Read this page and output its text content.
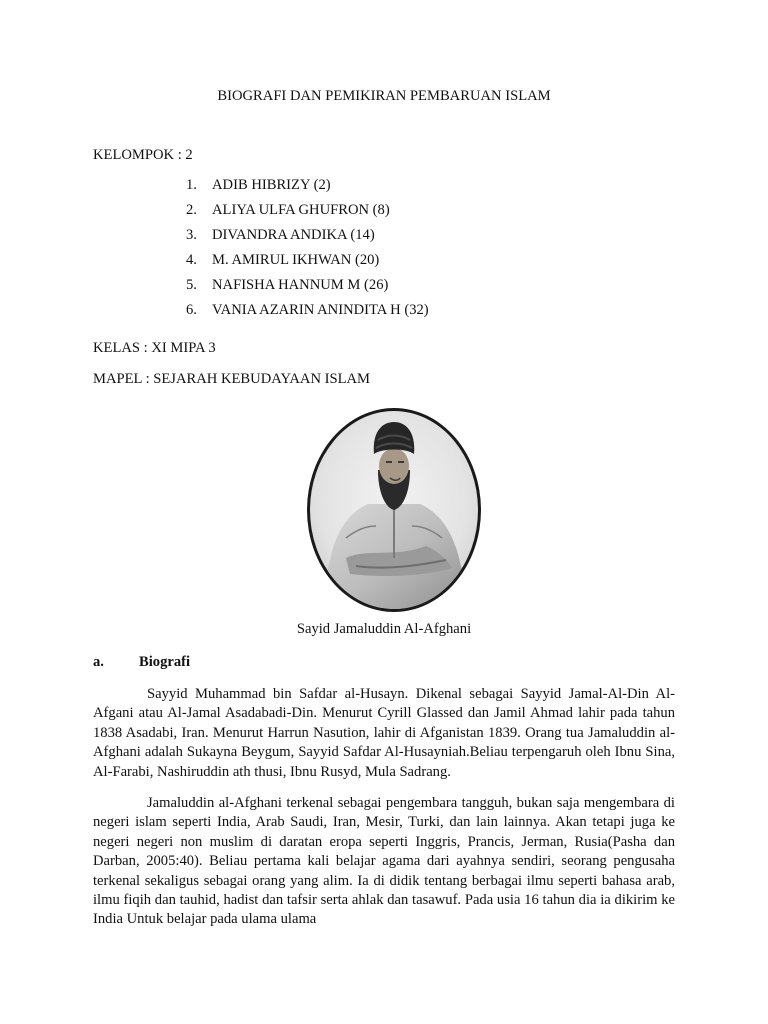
BIOGRAFI DAN PEMIKIRAN PEMBARUAN ISLAM
KELOMPOK : 2
1. ADIB HIBRIZY (2)
2. ALIYA ULFA GHUFRON (8)
3. DIVANDRA ANDIKA (14)
4. M. AMIRUL IKHWAN (20)
5. NAFISHA HANNUM M (26)
6. VANIA AZARIN ANINDITA H (32)
KELAS : XI MIPA 3
MAPEL : SEJARAH KEBUDAYAAN ISLAM
Sayid Jamaluddin Al-Afghani
a. Biografi

Sayyid Muhammad bin Safdar al-Husayn. Dikenal sebagai Sayyid Jamal-Al-Din Al-Afgani atau Al-Jamal Asadabadi-Din. Menurut Cyrill Glassed dan Jamil Ahmad lahir pada tahun 1838 Asadabi, Iran. Menurut Harrun Nasution, lahir di Afganistan 1839. Orang tua Jamaluddin al-Afghani adalah Sukayna Beygum, Sayyid Safdar Al-Husayniah.Beliau terpengaruh oleh Ibnu Sina, Al-Farabi, Nashiruddin ath thusi, Ibnu Rusyd, Mula Sadrang.

Jamaluddin al-Afghani terkenal sebagai pengembara tangguh, bukan saja mengembara di negeri islam seperti India, Arab Saudi, Iran, Mesir, Turki, dan lain lainnya. Akan tetapi juga ke negeri negeri non muslim di daratan eropa seperti Inggris, Prancis, Jerman, Rusia(Pasha dan Darban, 2005:40). Beliau pertama kali belajar agama dari ayahnya sendiri, seorang pengusaha terkenal sekaligus sebagai orang yang alim. Ia di didik tentang berbagai ilmu seperti bahasa arab, ilmu fiqih dan tauhid, hadist dan tafsir serta ahlak dan tasawuf. Pada usia 16 tahun dia ia dikirim ke India Untuk belajar pada ulama ulama
